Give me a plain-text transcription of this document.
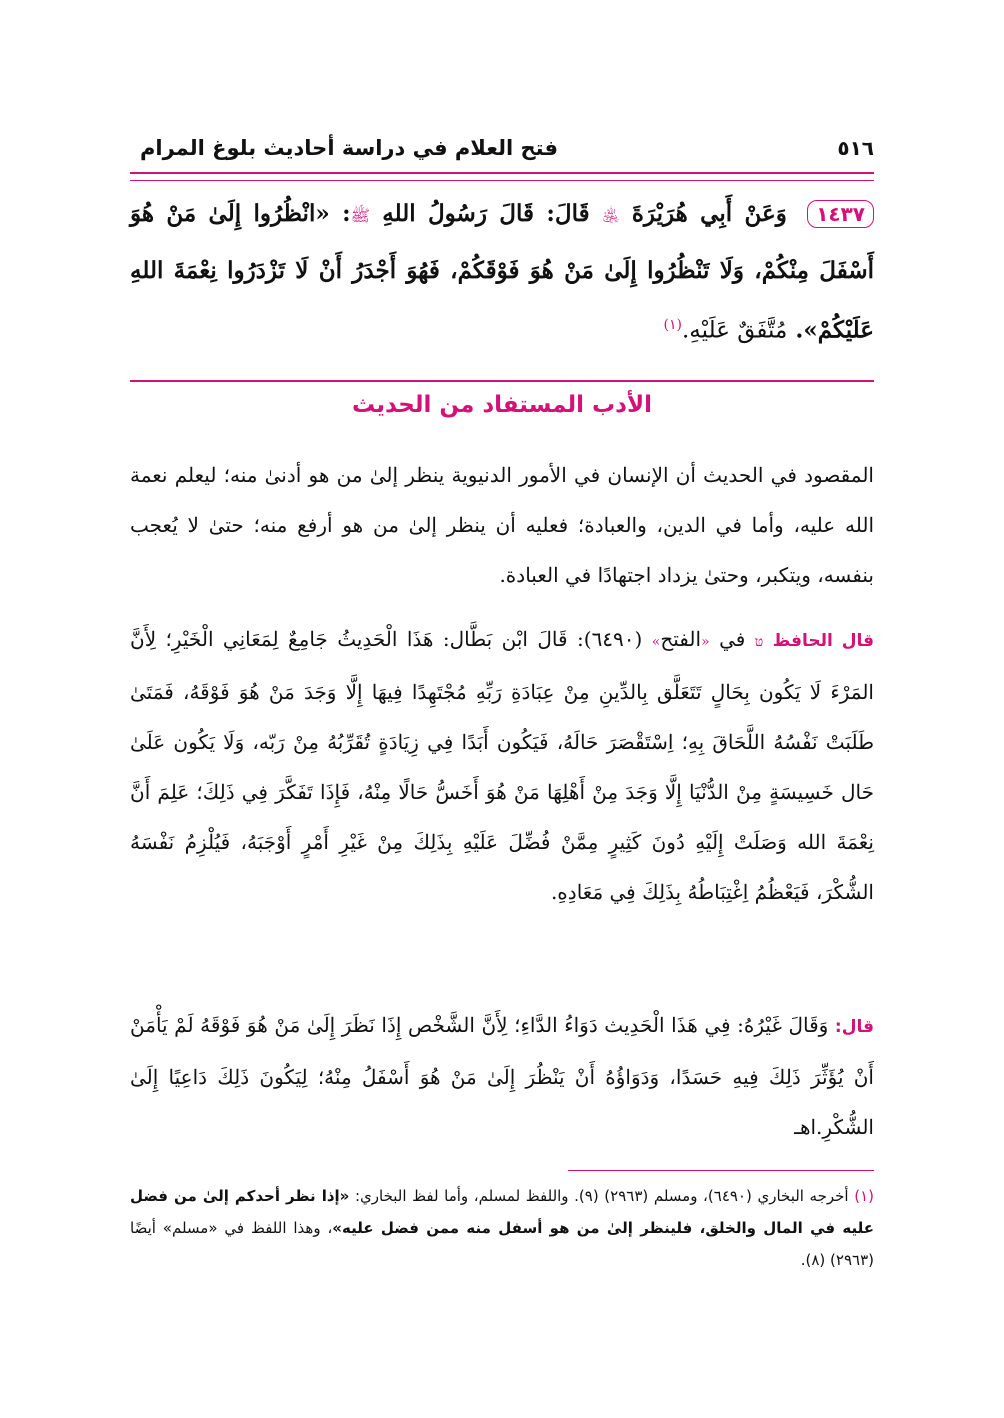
٥١٦
فتح العلام في دراسة أحاديث بلوغ المرام
١٤٣٧ وَعَنْ أَبِي هُرَيْرَةَ ﵁ قَالَ: قَالَ رَسُولُ اللهِ ﷺ: «انْظُرُوا إِلَىٰ مَنْ هُوَ أَسْفَلَ مِنْكُمْ، وَلَا تَنْظُرُوا إِلَىٰ مَنْ هُوَ فَوْقَكُمْ، فَهُوَ أَجْدَرُ أَنْ لَا تَزْدَرُوا نِعْمَةَ اللهِ عَلَيْكُمْ». مُتَّفَقٌ عَلَيْهِ.$^{(١)}$
الأدب المستفاد من الحديث
المقصود في الحديث أن الإنسان في الأمور الدنيوية ينظر إلىٰ من هو أدنىٰ منه؛ ليعلم نعمة الله عليه، وأما في الدين، والعبادة؛ فعليه أن ينظر إلىٰ من هو أرفع منه؛ حتىٰ لا يُعجب بنفسه، ويتكبر، وحتىٰ يزداد اجتهادًا في العبادة.
قال الحافظ טּ في «الفتح» (٦٤٩٠): قَالَ ابْن بَطَّال: هَذَا الْحَدِيثُ جَامِعٌ لِمَعَانِي الْخَيْرِ؛ لِأَنَّ المَرْءَ لَا يَكُون بِحَالٍ تَتَعَلَّق بِالدِّينِ مِنْ عِبَادَةِ رَبِّهِ مُجْتَهِدًا فِيهَا إِلَّا وَجَدَ مَنْ هُوَ فَوْقَهُ، فَمَتَىٰ طَلَبَتْ نَفْسُهُ اللَّحَاقَ بِهِ؛ اِسْتَقْصَرَ حَالَهُ، فَيَكُون أَبَدًا فِي زِيَادَةٍ تُقَرِّبُهُ مِنْ رَبّه، وَلَا يَكُون عَلَىٰ حَال خَسِيسَةٍ مِنْ الدُّنْيَا إِلَّا وَجَدَ مِنْ أَهْلِهَا مَنْ هُوَ أَخَسُّ حَالًا مِنْهُ، فَإِذَا تَفَكَّرَ فِي ذَلِكَ؛ عَلِمَ أَنَّ نِعْمَةَ الله وَصَلَتْ إِلَيْهِ دُونَ كَثِيرٍ مِمَّنْ فُضِّلَ عَلَيْهِ بِذَلِكَ مِنْ غَيْرِ أَمْرٍ أَوْجَبَهُ، فَيُلْزِمُ نَفْسَهُ الشُّكْرَ، فَيَعْظُمُ اِغْتِبَاطُهُ بِذَلِكَ فِي مَعَادِهِ.
قال: وَقَالَ غَيْرُهُ: فِي هَذَا الْحَدِيث دَوَاءُ الدَّاءِ؛ لِأَنَّ الشَّخْص إِذَا نَظَرَ إِلَىٰ مَنْ هُوَ فَوْقَهُ لَمْ يَأْمَنْ أَنْ يُؤَثِّرَ ذَلِكَ فِيهِ حَسَدًا، وَدَوَاؤُهُ أَنْ يَنْظُرَ إِلَىٰ مَنْ هُوَ أَسْفَلُ مِنْهُ؛ لِيَكُونَ ذَلِكَ دَاعِيًا إِلَىٰ الشُّكْرِ.اهـ
(١) أخرجه البخاري (٦٤٩٠)، ومسلم (٢٩٦٣) (٩). واللفظ لمسلم، وأما لفظ البخاري: «إذا نظر أحدكم إلىٰ من فضل عليه في المال والخلق، فلينظر إلىٰ من هو أسفل منه ممن فضل عليه»، وهذا اللفظ في «مسلم» أيضًا (٢٩٦٣) (٨).
